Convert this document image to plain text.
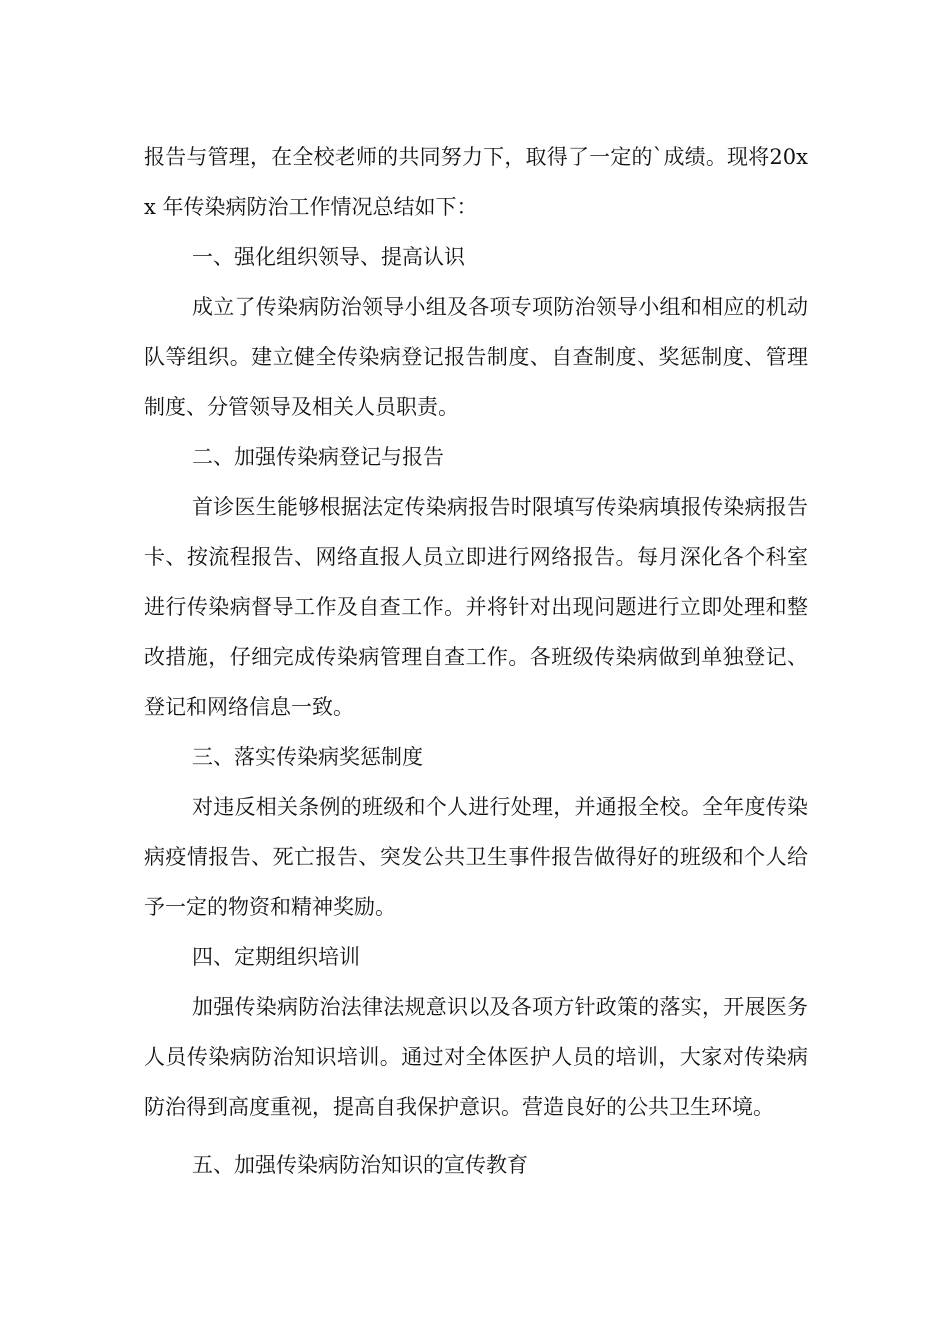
报告与管理，在全校老师的共同努力下，取得了一定的`成绩。现将20xx 年传染病防治工作情况总结如下：

一、强化组织领导、提高认识

成立了传染病防治领导小组及各项专项防治领导小组和相应的机动队等组织。建立健全传染病登记报告制度、自查制度、奖惩制度、管理制度、分管领导及相关人员职责。

二、加强传染病登记与报告

首诊医生能够根据法定传染病报告时限填写传染病填报传染病报告卡、按流程报告、网络直报人员立即进行网络报告。每月深化各个科室进行传染病督导工作及自查工作。并将针对出现问题进行立即处理和整改措施，仔细完成传染病管理自查工作。各班级传染病做到单独登记、登记和网络信息一致。

三、落实传染病奖惩制度

对违反相关条例的班级和个人进行处理，并通报全校。全年度传染病疫情报告、死亡报告、突发公共卫生事件报告做得好的班级和个人给予一定的物资和精神奖励。

四、定期组织培训

加强传染病防治法律法规意识以及各项方针政策的落实，开展医务人员传染病防治知识培训。通过对全体医护人员的培训，大家对传染病防治得到高度重视，提高自我保护意识。营造良好的公共卫生环境。

五、加强传染病防治知识的宣传教育
